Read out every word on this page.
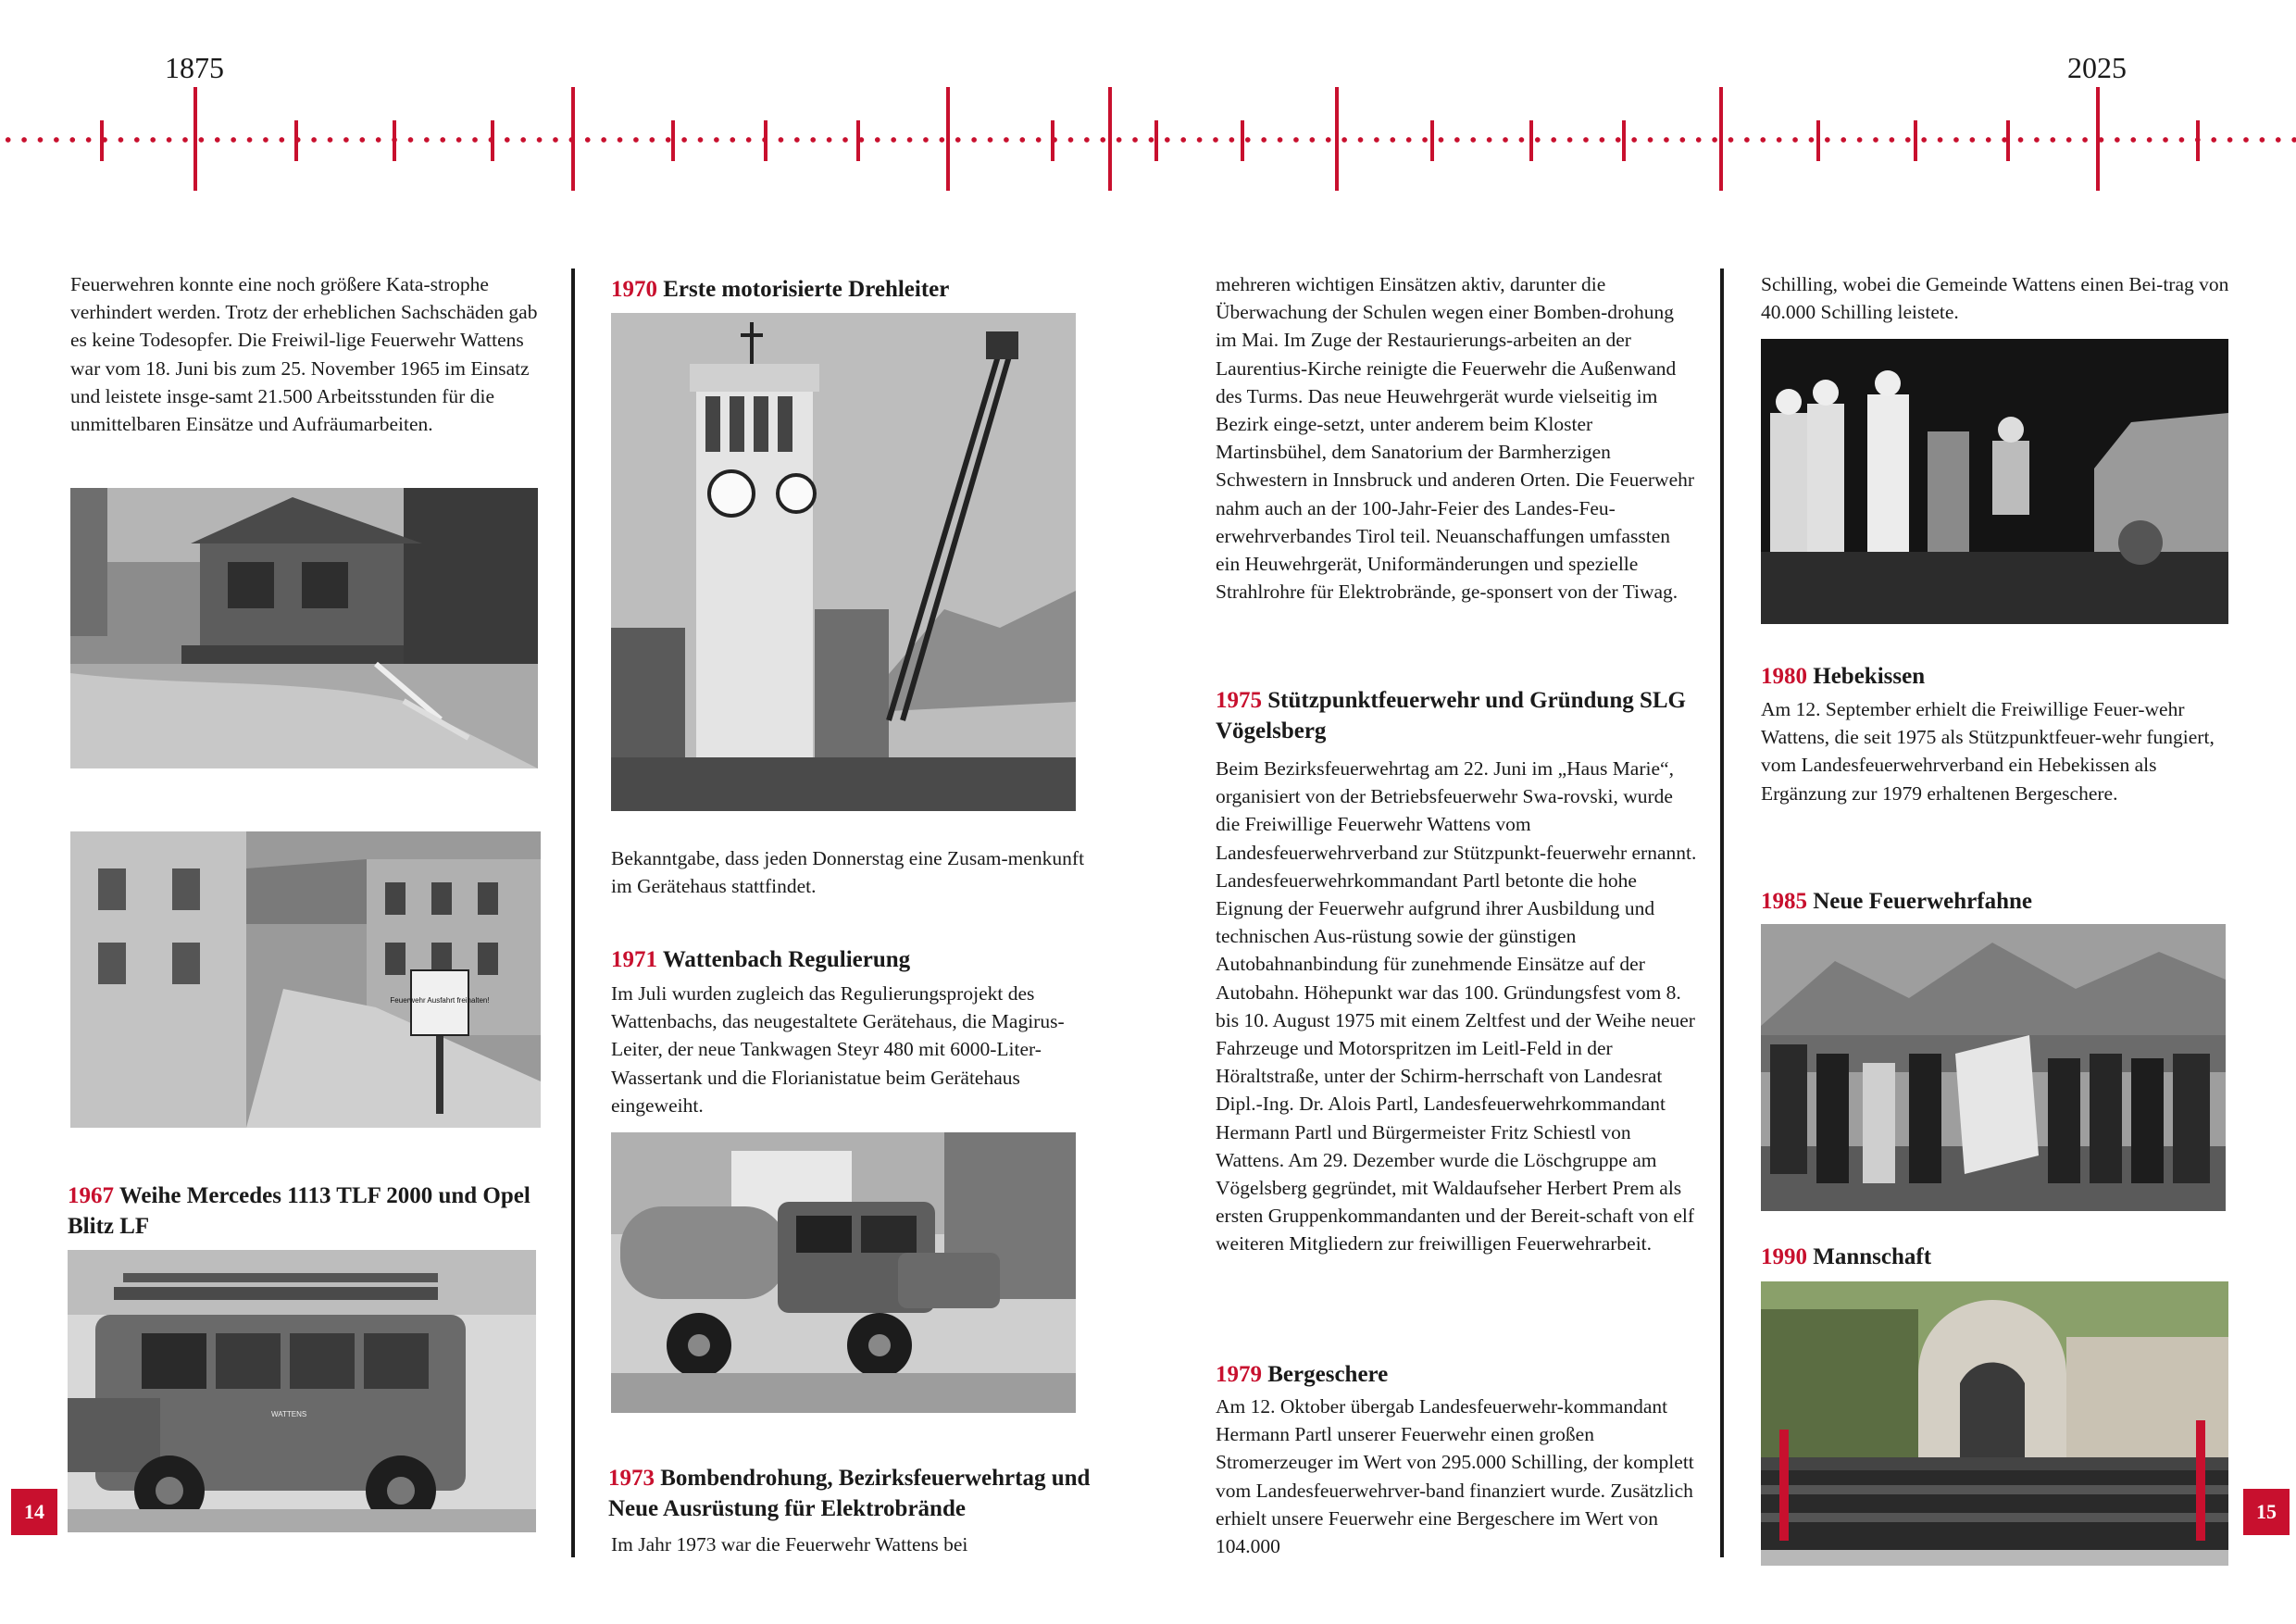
1875	2025

Feuerwehren konnte eine noch größere Kata-strophe verhindert werden. Trotz der erheblichen Sachschäden gab es keine Todesopfer. Die Freiwil-lige Feuerwehr Wattens war vom 18. Juni bis zum 25. November 1965 im Einsatz und leistete insge-samt 21.500 Arbeitsstunden für die unmittelbaren Einsätze und Aufräumarbeiten.

Feuerwehr Ausfahrt freihalten!

1967 Weihe Mercedes 1113 TLF 2000 und Opel Blitz LF

WATTENS
14

1970 Erste motorisierte Drehleiter

Bekanntgabe, dass jeden Donnerstag eine Zusam-menkunft im Gerätehaus stattfindet.

1971 Wattenbach Regulierung

Im Juli wurden zugleich das Regulierungsprojekt des Wattenbachs, das neugestaltete Gerätehaus, die Magirus-Leiter, der neue Tankwagen Steyr 480 mit 6000-Liter-Wassertank und die Florianistatue beim Gerätehaus eingeweiht.

1973 Bombendrohung, Bezirksfeuerwehrtag und Neue Ausrüstung für Elektrobrände

Im Jahr 1973 war die Feuerwehr Wattens bei

mehreren wichtigen Einsätzen aktiv, darunter die Überwachung der Schulen wegen einer Bomben-drohung im Mai. Im Zuge der Restaurierungs-arbeiten an der Laurentius-Kirche reinigte die Feuerwehr die Außenwand des Turms. Das neue Heuwehrgerät wurde vielseitig im Bezirk einge-setzt, unter anderem beim Kloster Martinsbühel, dem Sanatorium der Barmherzigen Schwestern in Innsbruck und anderen Orten. Die Feuerwehr nahm auch an der 100-Jahr-Feier des Landes-Feu-erwehrverbandes Tirol teil. Neuanschaffungen umfassten ein Heuwehrgerät, Uniformänderungen und spezielle Strahlrohre für Elektrobrände, ge-sponsert von der Tiwag.

1975 Stützpunktfeuerwehr und Gründung SLG Vögelsberg

Beim Bezirksfeuerwehrtag am 22. Juni im „Haus Marie“, organisiert von der Betriebsfeuerwehr Swa-rovski, wurde die Freiwillige Feuerwehr Wattens vom Landesfeuerwehrverband zur Stützpunkt-feuerwehr ernannt. Landesfeuerwehrkommandant Partl betonte die hohe Eignung der Feuerwehr aufgrund ihrer Ausbildung und technischen Aus-rüstung sowie der günstigen Autobahnanbindung für zunehmende Einsätze auf der Autobahn. Höhepunkt war das 100. Gründungsfest vom 8. bis 10. August 1975 mit einem Zeltfest und der Weihe neuer Fahrzeuge und Motorspritzen im Leitl-Feld in der Höraltstraße, unter der Schirm-herrschaft von Landesrat Dipl.-Ing. Dr. Alois Partl, Landesfeuerwehrkommandant Hermann Partl und Bürgermeister Fritz Schiestl von Wattens. Am 29. Dezember wurde die Löschgruppe am Vögelsberg gegründet, mit Waldaufseher Herbert Prem als ersten Gruppenkommandanten und der Bereit-schaft von elf weiteren Mitgliedern zur freiwilligen Feuerwehrarbeit.

1979 Bergeschere

Am 12. Oktober übergab Landesfeuerwehr-kommandant Hermann Partl unserer Feuerwehr einen großen Stromerzeuger im Wert von 295.000 Schilling, der komplett vom Landesfeuerwehrver-band finanziert wurde. Zusätzlich erhielt unsere Feuerwehr eine Bergeschere im Wert von 104.000

Schilling, wobei die Gemeinde Wattens einen Bei-trag von 40.000 Schilling leistete.

1980 Hebekissen

Am 12. September erhielt die Freiwillige Feuer-wehr Wattens, die seit 1975 als Stützpunktfeuer-wehr fungiert, vom Landesfeuerwehrverband ein Hebekissen als Ergänzung zur 1979 erhaltenen Bergeschere.

1985 Neue Feuerwehrfahne

1990 Mannschaft

15
